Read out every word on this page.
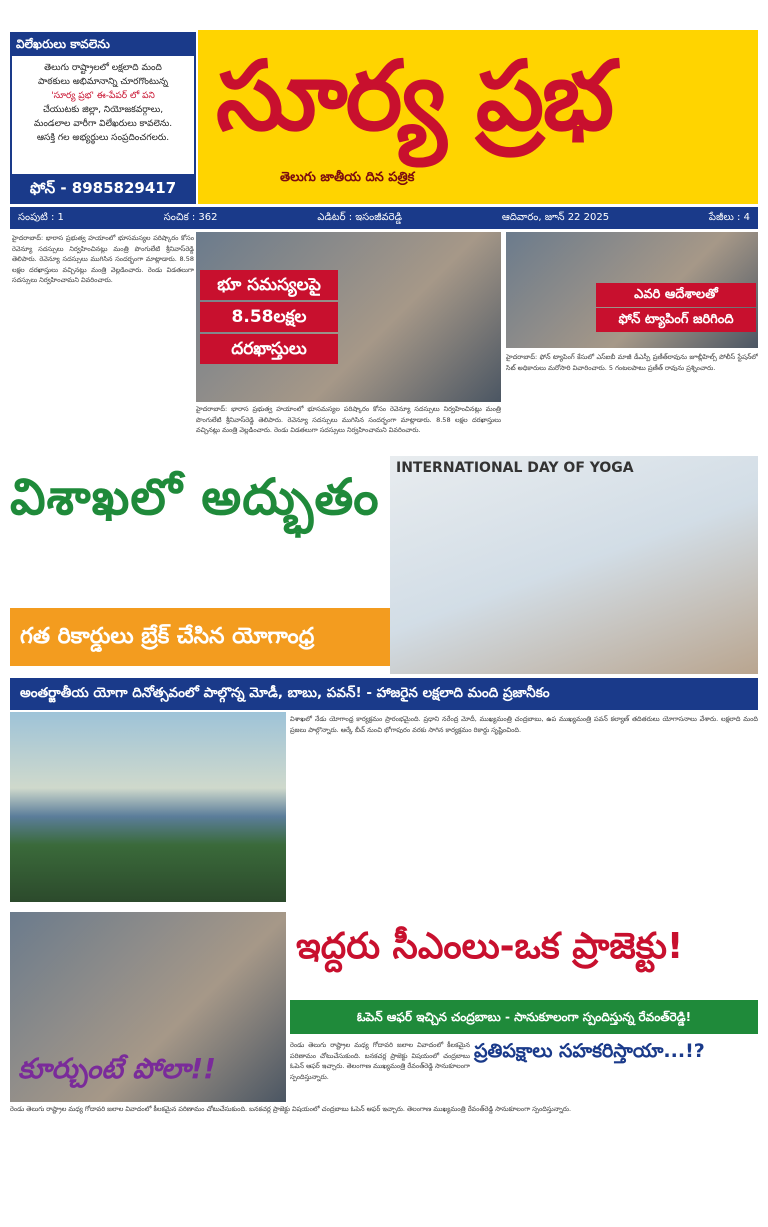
విలేఖరులు కావలెను
తెలుగు రాష్ట్రాలలో లక్షలాది మంది
పాఠకులు అభిమానాన్ని చూరగొంటున్న
'సూర్య ప్రభ' ఈ-పేపర్ లో పని
చేయుటకు జిల్లా, నియోజకవర్గాలు,
మండలాల వారీగా విలేఖరులు కావలెను.
ఆసక్తి గల అభ్యర్థులు సంప్రదించగలరు.
ఫోన్ - 8985829417
సూర్య ప్రభ
తెలుగు జాతీయ దిన పత్రిక
సంపుటి : 1	సంచిక : 362	ఎడిటర్ : ఇసంజీవరెడ్డి	ఆదివారం, జూన్ 22 2025	పేజీలు : 4
హైదరాబాద్: భారాస ప్రభుత్వ హయాంలో భూసమస్యల పరిష్కారం కోసం రెవెన్యూ సదస్సులు నిర్వహించినట్లు మంత్రి పొంగులేటి శ్రీనివాస్‌రెడ్డి తెలిపారు. రెవెన్యూ సదస్సులు ముగిసిన సందర్భంగా మాట్లాడారు. 8.58 లక్షల దరఖాస్తులు వచ్చినట్లు మంత్రి వెల్లడించారు. రెండు విడతలుగా సదస్సులు నిర్వహించామని వివరించారు.	భూ సమస్యలపై
8.58లక్షల
దరఖాస్తులు
హైదరాబాద్: భారాస ప్రభుత్వ హయాంలో భూసమస్యల పరిష్కారం కోసం రెవెన్యూ సదస్సులు నిర్వహించినట్లు మంత్రి పొంగులేటి శ్రీనివాస్‌రెడ్డి తెలిపారు. రెవెన్యూ సదస్సులు ముగిసిన సందర్భంగా మాట్లాడారు. 8.58 లక్షల దరఖాస్తులు వచ్చినట్లు మంత్రి వెల్లడించారు. రెండు విడతలుగా సదస్సులు నిర్వహించామని వివరించారు.
ఎవరి ఆదేశాలతో
ఫోన్ ట్యాపింగ్ జరిగింది
హైదరాబాద్: ఫోన్ ట్యాపింగ్ కేసులో ఎస్ఐబీ మాజీ డీఎస్పీ ప్రణీత్‌రావును జూబ్లీహిల్స్ పోలీస్ స్టేషన్‌లో సిట్ అధికారులు మరోసారి విచారించారు. 5 గంటలపాటు ప్రణీత్ రావును ప్రశ్నించారు.
విశాఖలో అద్భుతం	INTERNATIONAL DAY OF YOGA
గత రికార్డులు బ్రేక్ చేసిన యోగాంధ్ర
అంతర్జాతీయ యోగా దినోత్సవంలో పాల్గొన్న మోడీ, బాబు, పవన్! - హాజరైన లక్షలాది మంది ప్రజానీకం
విశాఖలో నేడు యోగాంధ్ర కార్యక్రమం ప్రారంభమైంది. ప్రధాని నరేంద్ర మోదీ, ముఖ్యమంత్రి చంద్రబాబు, ఉప ముఖ్యమంత్రి పవన్ కల్యాణ్ తదితరులు యోగాసనాలు వేశారు. లక్షలాది మంది ప్రజలు పాల్గొన్నారు. ఆర్కే బీచ్ నుంచి భోగాపురం వరకు సాగిన కార్యక్రమం రికార్డు సృష్టించింది.
కూర్చుంటే పోలా!!
ఇద్దరు సీఎంలు-ఒక ప్రాజెక్టు!
ఓపెన్ ఆఫర్ ఇచ్చిన చంద్రబాబు - సానుకూలంగా స్పందిస్తున్న రేవంత్‌రెడ్డి!
రెండు తెలుగు రాష్ట్రాల మధ్య గోదావరి జలాల వివాదంలో కీలకమైన పరిణామం చోటుచేసుకుంది. బనకచర్ల ప్రాజెక్టు విషయంలో చంద్రబాబు ఓపెన్ ఆఫర్ ఇచ్చారు. తెలంగాణ ముఖ్యమంత్రి రేవంత్‌రెడ్డి సానుకూలంగా స్పందిస్తున్నారు.
ప్రతిపక్షాలు సహకరిస్తాయా...!?
రెండు తెలుగు రాష్ట్రాల మధ్య గోదావరి జలాల వివాదంలో కీలకమైన పరిణామం చోటుచేసుకుంది. బనకచర్ల ప్రాజెక్టు విషయంలో చంద్రబాబు ఓపెన్ ఆఫర్ ఇచ్చారు. తెలంగాణ ముఖ్యమంత్రి రేవంత్‌రెడ్డి సానుకూలంగా స్పందిస్తున్నారు.
